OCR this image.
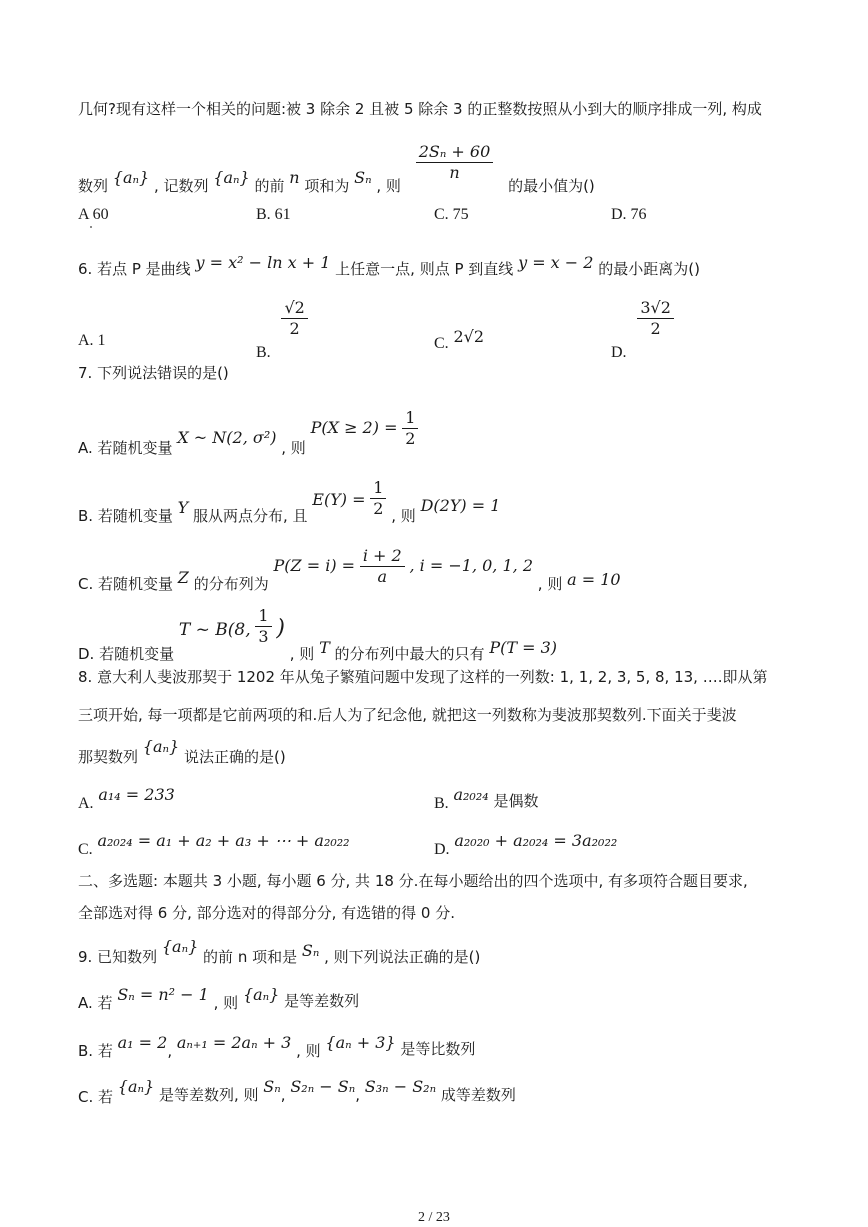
几何?现有这样一个相关的问题:被 3 除余 2 且被 5 除余 3 的正整数按照从小到大的顺序排成一列, 构成
数列 {aₙ} , 记数列 {aₙ} 的前 n 项和为 Sₙ , 则
$\frac{\text{2Sₙ + 60}}{n}$
的最小值为()
A 60	B. 61	C. 75	D. 76
6. 若点 P 是曲线 y = x² − ln x + 1 上任意一点, 则点 P 到直线 y = x − 2 的最小距离为()
A. 1
B.
$\frac{√2}{2}$
C. 2√2
D.
$\frac{3√2}{2}$
7. 下列说法错误的是()
A. 若随机变量 X ~ N(2, σ²) , 则 $P(X \ge 2) = \frac{1}{2}$
B. 若随机变量 Y 服从两点分布, 且 $E(Y) = \frac{1}{2}$ , 则 D(2Y) = 1
C. 若随机变量 Z 的分布列为 $P(Z = i) = \frac{i + 2}{a}$ , i = −1, 0, 1, 2 , 则 a = 10
D. 若随机变量 T ~ B(8, $\frac{1}{3}$ ) , 则 T 的分布列中最大的只有 P(T = 3)
8. 意大利人斐波那契于 1202 年从兔子繁殖问题中发现了这样的一列数: 1, 1, 2, 3, 5, 8, 13, ….即从第
三项开始, 每一项都是它前两项的和.后人为了纪念他, 就把这一列数称为斐波那契数列.下面关于斐波
那契数列 {aₙ} 说法正确的是()
A. a₁₄ = 233	B. a₂₀₂₄ 是偶数
C. a₂₀₂₄ = a₁ + a₂ + a₃ + ⋯ + a₂₀₂₂	D. a₂₀₂₀ + a₂₀₂₄ = 3a₂₀₂₂
二、多选题: 本题共 3 小题, 每小题 6 分, 共 18 分.在每小题给出的四个选项中, 有多项符合题目要求,
全部选对得 6 分, 部分选对的得部分分, 有选错的得 0 分.
9. 已知数列 {aₙ} 的前 n 项和是 Sₙ , 则下列说法正确的是()
A. 若 Sₙ = n² − 1 , 则 {aₙ} 是等差数列
B. 若 a₁ = 2, aₙ₊₁ = 2aₙ + 3 , 则 {aₙ + 3} 是等比数列
C. 若 {aₙ} 是等差数列, 则 Sₙ, S₂ₙ − Sₙ, S₃ₙ − S₂ₙ 成等差数列
2 / 23
